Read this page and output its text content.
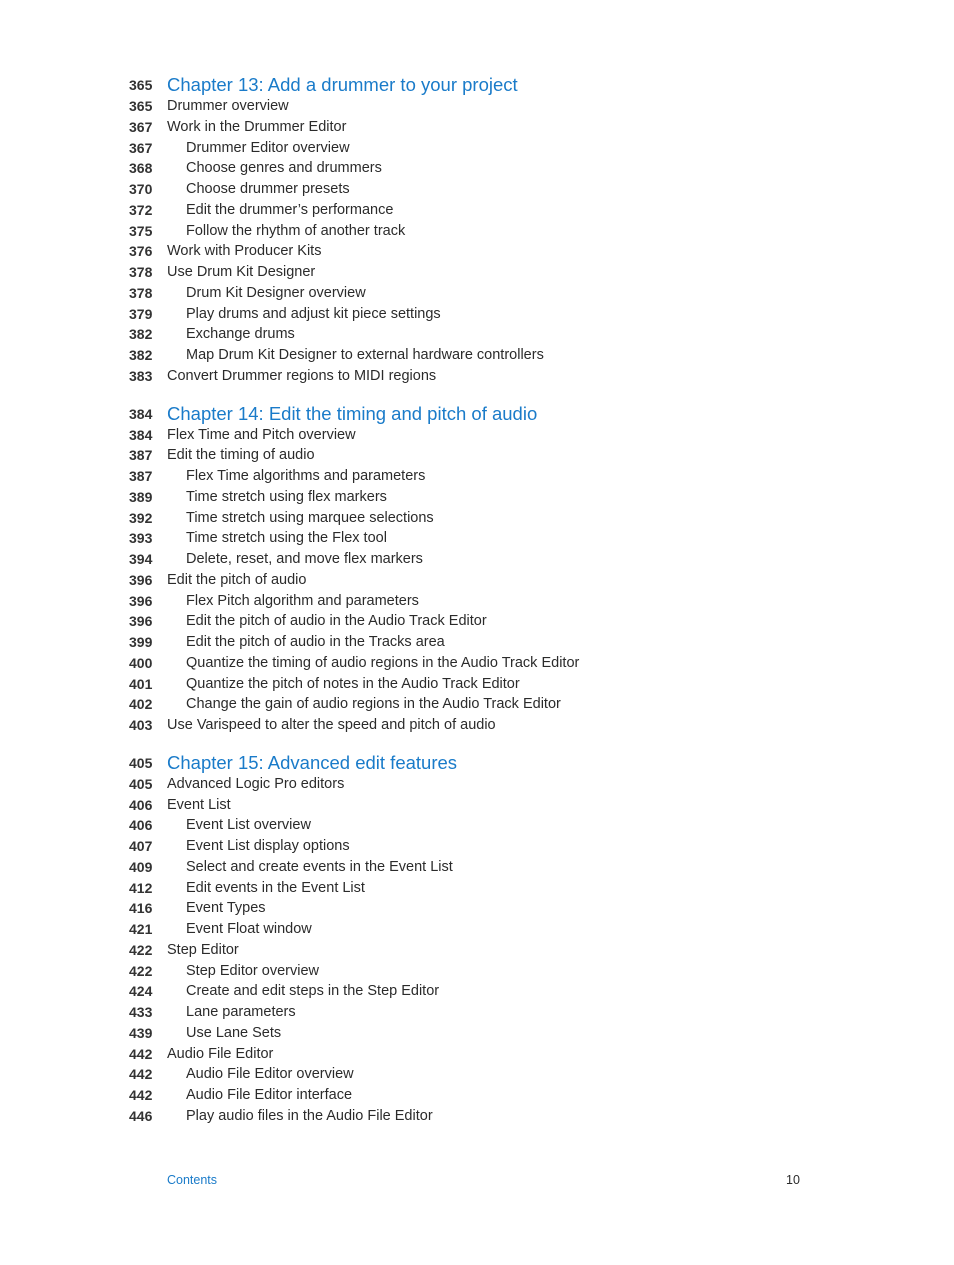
365 Chapter 13: Add a drummer to your project
365	Drummer overview
367	Work in the Drummer Editor
367	Drummer Editor overview
368	Choose genres and drummers
370	Choose drummer presets
372	Edit the drummer’s performance
375	Follow the rhythm of another track
376	Work with Producer Kits
378	Use Drum Kit Designer
378	Drum Kit Designer overview
379	Play drums and adjust kit piece settings
382	Exchange drums
382	Map Drum Kit Designer to external hardware controllers
383	Convert Drummer regions to MIDI regions
384 Chapter 14: Edit the timing and pitch of audio
384	Flex Time and Pitch overview
387	Edit the timing of audio
387	Flex Time algorithms and parameters
389	Time stretch using flex markers
392	Time stretch using marquee selections
393	Time stretch using the Flex tool
394	Delete, reset, and move flex markers
396	Edit the pitch of audio
396	Flex Pitch algorithm and parameters
396	Edit the pitch of audio in the Audio Track Editor
399	Edit the pitch of audio in the Tracks area
400	Quantize the timing of audio regions in the Audio Track Editor
401	Quantize the pitch of notes in the Audio Track Editor
402	Change the gain of audio regions in the Audio Track Editor
403	Use Varispeed to alter the speed and pitch of audio
405 Chapter 15: Advanced edit features
405	Advanced Logic Pro editors
406	Event List
406	Event List overview
407	Event List display options
409	Select and create events in the Event List
412	Edit events in the Event List
416	Event Types
421	Event Float window
422	Step Editor
422	Step Editor overview
424	Create and edit steps in the Step Editor
433	Lane parameters
439	Use Lane Sets
442	Audio File Editor
442	Audio File Editor overview
442	Audio File Editor interface
446	Play audio files in the Audio File Editor
Contents	10
